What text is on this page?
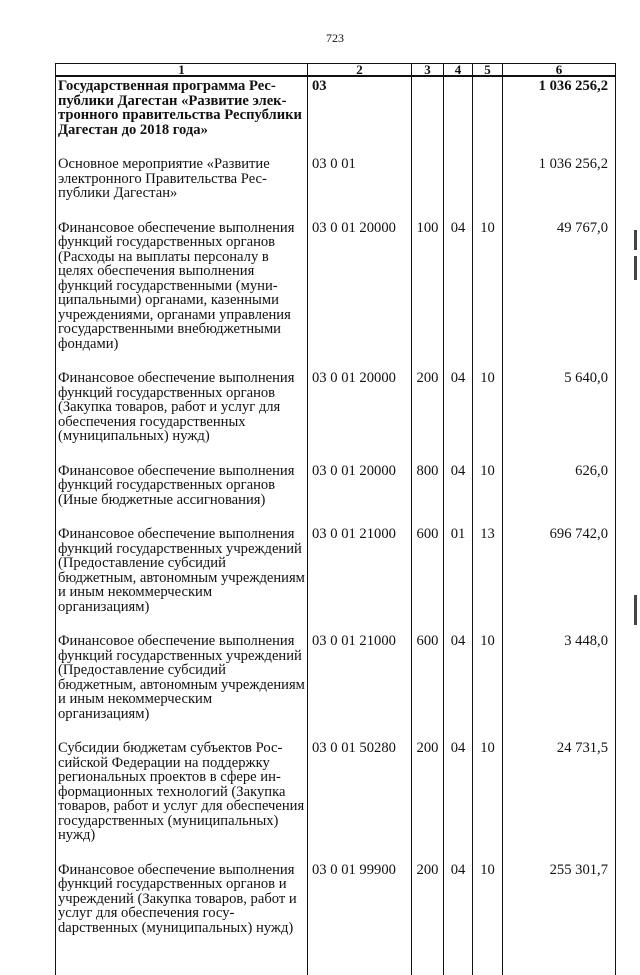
723
1	2	3	4	5	6
Государственная программа Республики Дагестан «Развитие электронного правительства Республики Дагестан до 2018 года»	03				1 036 256,2
Основное мероприятие «Развитие электронного Правительства Республики Дагестан»	03 0 01				1 036 256,2
Финансовое обеспечение выполнения функций государственных органов (Расходы на выплаты персоналу в целях обеспечения выполнения функций государственными (муниципальными) органами, казенными учреждениями, органами управления государственными внебюджетными фондами)	03 0 01 20000	100	04	10	49 767,0
Финансовое обеспечение выполнения функций государственных органов (Закупка товаров, работ и услуг для обеспечения государственных (муниципальных) нужд)	03 0 01 20000	200	04	10	5 640,0
Финансовое обеспечение выполнения функций государственных органов (Иные бюджетные ассигнования)	03 0 01 20000	800	04	10	626,0
Финансовое обеспечение выполнения функций государственных учреждений (Предоставление субсидий бюджетным, автономным учреждениям и иным некоммерческим организациям)	03 0 01 21000	600	01	13	696 742,0
Финансовое обеспечение выполнения функций государственных учреждений (Предоставление субсидий бюджетным, автономным учреждениям и иным некоммерческим организациям)	03 0 01 21000	600	04	10	3 448,0
Субсидии бюджетам субъектов Российской Федерации на поддержку региональных проектов в сфере информационных технологий (Закупка товаров, работ и услуг для обеспечения государственных (муниципальных) нужд)	03 0 01 50280	200	04	10	24 731,5
Финансовое обеспечение выполнения функций государственных органов и учреждений (Закупка товаров, работ и услуг для обеспечения госуdарственных (муниципальных) нужд)	03 0 01 99900	200	04	10	255 301,7
